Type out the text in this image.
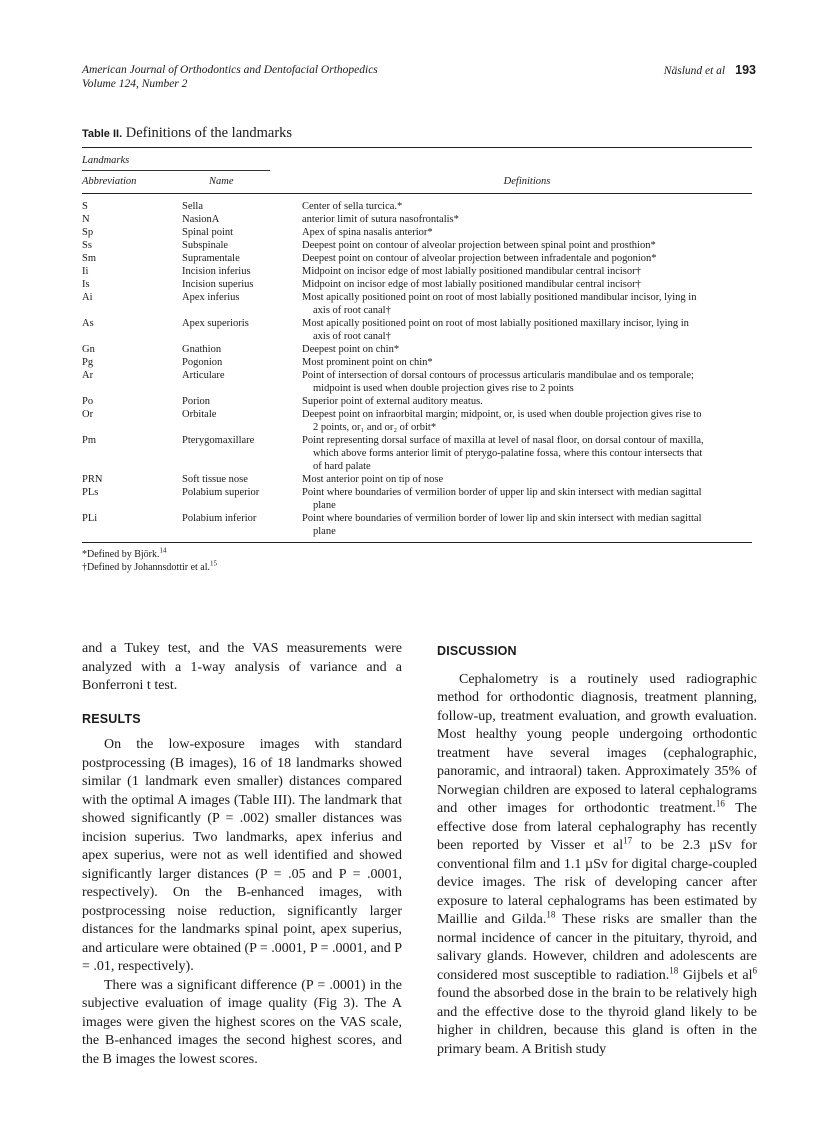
American Journal of Orthodontics and Dentofacial Orthopedics
Volume 124, Number 2
Näslund et al 193
Table II. Definitions of the landmarks
Landmarks
Abbreviation	Name	Definitions
S	Sella	Center of sella turcica.*
N	NasionA	anterior limit of sutura nasofrontalis*
Sp	Spinal point	Apex of spina nasalis anterior*
Ss	Subspinale	Deepest point on contour of alveolar projection between spinal point and prosthion*
Sm	Supramentale	Deepest point on contour of alveolar projection between infradentale and pogonion*
Ii	Incision inferius	Midpoint on incisor edge of most labially positioned mandibular central incisor†
Is	Incision superius	Midpoint on incisor edge of most labially positioned mandibular central incisor†
Ai	Apex inferius	Most apically positioned point on root of most labially positioned mandibular incisor, lying in
axis of root canal†
As	Apex superioris	Most apically positioned point on root of most labially positioned maxillary incisor, lying in
axis of root canal†
Gn	Gnathion	Deepest point on chin*
Pg	Pogonion	Most prominent point on chin*
Ar	Articulare	Point of intersection of dorsal contours of processus articularis mandibulae and os temporale;
midpoint is used when double projection gives rise to 2 points
Po	Porion	Superior point of external auditory meatus.
Or	Orbitale	Deepest point on infraorbital margin; midpoint, or, is used when double projection gives rise to
2 points, or₁ and or₂ of orbit*
Pm	Pterygomaxillare	Point representing dorsal surface of maxilla at level of nasal floor, on dorsal contour of maxilla,
which above forms anterior limit of pterygo-palatine fossa, where this contour intersects that
of hard palate
PRN	Soft tissue nose	Most anterior point on tip of nose
PLs	Polabium superior	Point where boundaries of vermilion border of upper lip and skin intersect with median sagittal
plane
PLi	Polabium inferior	Point where boundaries of vermilion border of lower lip and skin intersect with median sagittal
plane
*Defined by Björk.$^{14}$
†Defined by Johannsdottir et al.$^{15}$

and a Tukey test, and the VAS measurements were analyzed with a 1-way analysis of variance and a Bonferroni t test.

RESULTS

On the low-exposure images with standard postprocessing (B images), 16 of 18 landmarks showed similar (1 landmark even smaller) distances compared with the optimal A images (Table III). The landmark that showed significantly (P = .002) smaller distances was incision superius. Two landmarks, apex inferius and apex superius, were not as well identified and showed significantly larger distances (P = .05 and P = .0001, respectively). On the B-enhanced images, with postprocessing noise reduction, significantly larger distances for the landmarks spinal point, apex superius, and articulare were obtained (P = .0001, P = .0001, and P = .01, respectively).

There was a significant difference (P = .0001) in the subjective evaluation of image quality (Fig 3). The A images were given the highest scores on the VAS scale, the B-enhanced images the second highest scores, and the B images the lowest scores.

DISCUSSION

Cephalometry is a routinely used radiographic method for orthodontic diagnosis, treatment planning, follow-up, treatment evaluation, and growth evaluation. Most healthy young people undergoing orthodontic treatment have several images (cephalographic, panoramic, and intraoral) taken. Approximately 35% of Norwegian children are exposed to lateral cephalograms and other images for orthodontic treatment.$^{16}$ The effective dose from lateral cephalography has recently been reported by Visser et $al^{17}$ to be 2.3 µSv for conventional film and 1.1 µSv for digital charge-coupled device images. The risk of developing cancer after exposure to lateral cephalograms has been estimated by Maillie and Gilda.$^{18}$ These risks are smaller than the normal incidence of cancer in the pituitary, thyroid, and salivary glands. However, children and adolescents are considered most susceptible to radiation.$^{18}$ Gijbels et $al^6$ found the absorbed dose in the brain to be relatively high and the effective dose to the thyroid gland likely to be higher in children, because this gland is often in the primary beam. A British study
